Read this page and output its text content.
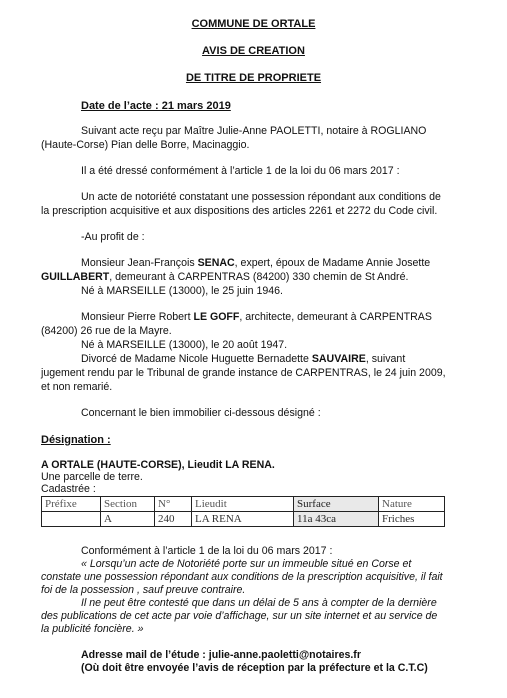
COMMUNE DE ORTALE
AVIS DE CREATION
DE TITRE DE PROPRIETE
Date de l’acte : 21 mars 2019
Suivant acte reçu par Maître Julie-Anne PAOLETTI, notaire à ROGLIANO
(Haute-Corse) Pian delle Borre, Macinaggio.
Il a été dressé conformément à l’article 1 de la loi du 06 mars 2017 :
Un acte de notoriété constatant une possession répondant aux conditions de
la prescription acquisitive et aux dispositions des articles 2261 et 2272 du Code civil.
-Au profit de :
Monsieur Jean-François SENAC, expert, époux de Madame Annie Josette
GUILLABERT, demeurant à CARPENTRAS (84200) 330 chemin de St André.
Né à MARSEILLE (13000), le 25 juin 1946.
Monsieur Pierre Robert LE GOFF, architecte, demeurant à CARPENTRAS
(84200) 26 rue de la Mayre.
Né à MARSEILLE (13000), le 20 août 1947.
Divorcé de Madame Nicole Huguette Bernadette SAUVAIRE, suivant
jugement rendu par le Tribunal de grande instance de CARPENTRAS, le 24 juin 2009,
et non remarié.
Concernant le bien immobilier ci-dessous désigné :
Désignation :
A ORTALE (HAUTE-CORSE), Lieudit LA RENA.
Une parcelle de terre.
Cadastrée :
Préfixe	Section	N°	Lieudit	Surface	Nature
	A	240	LA RENA	11a 43ca	Friches
Conformément à l’article 1 de la loi du 06 mars 2017 :
« Lorsqu’un acte de Notoriété porte sur un immeuble situé en Corse et
constate une possession répondant aux conditions de la prescription acquisitive, il fait
foi de la possession , sauf preuve contraire.
Il ne peut être contesté que dans un délai de 5 ans à compter de la dernière
des publications de cet acte par voie d’affichage, sur un site internet et au service de
la publicité foncière. »
Adresse mail de l’étude : julie-anne.paoletti@notaires.fr
(Où doit être envoyée l’avis de réception par la préfecture et la C.T.C)
